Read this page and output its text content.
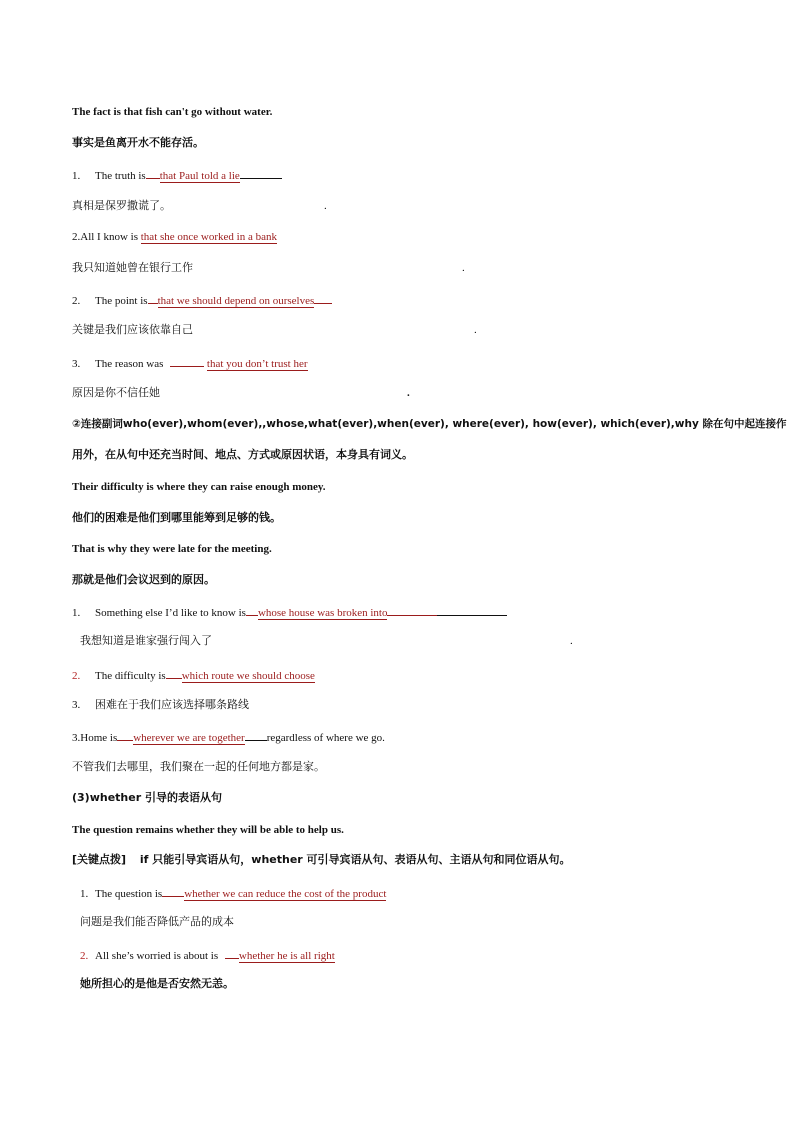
The fact is that fish can't go without water.
事实是鱼离开水不能存活。
1. The truth is that Paul told a lie
真相是保罗撒谎了。	.
2.All I know is that she once worked in a bank
我只知道她曾在银行工作	.
2. The point is that we should depend on ourselves
关键是我们应该依靠自己	.
3. The reason was	that you don’t trust her
原因是你不信任她	.
②连接副词who(ever),whom(ever),,whose,what(ever),when(ever), where(ever), how(ever), which(ever),why 除在句中起连接作
用外，在从句中还充当时间、地点、方式或原因状语，本身具有词义。
Their difficulty is where they can raise enough money.
他们的困难是他们到哪里能筹到足够的钱。
That is why they were late for the meeting.
那就是他们会议迟到的原因。
1. Something else I’d like to know is whose house was broken into
我想知道是谁家强行闯入了	.
2. The difficulty is which route we should choose
3. 困难在于我们应该选择哪条路线
3.Home is wherever we are together regardless of where we go.
不管我们去哪里，我们聚在一起的任何地方都是家。
(3)whether 引导的表语从句
The question remains whether they will be able to help us.
[关键点拨] if 只能引导宾语从句，whether 可引导宾语从句、表语从句、主语从句和同位语从句。
1. The question is whether we can reduce the cost of the product
问题是我们能否降低产品的成本
2. All she’s worried is about is whether he is all right
她所担心的是他是否安然无恙。
